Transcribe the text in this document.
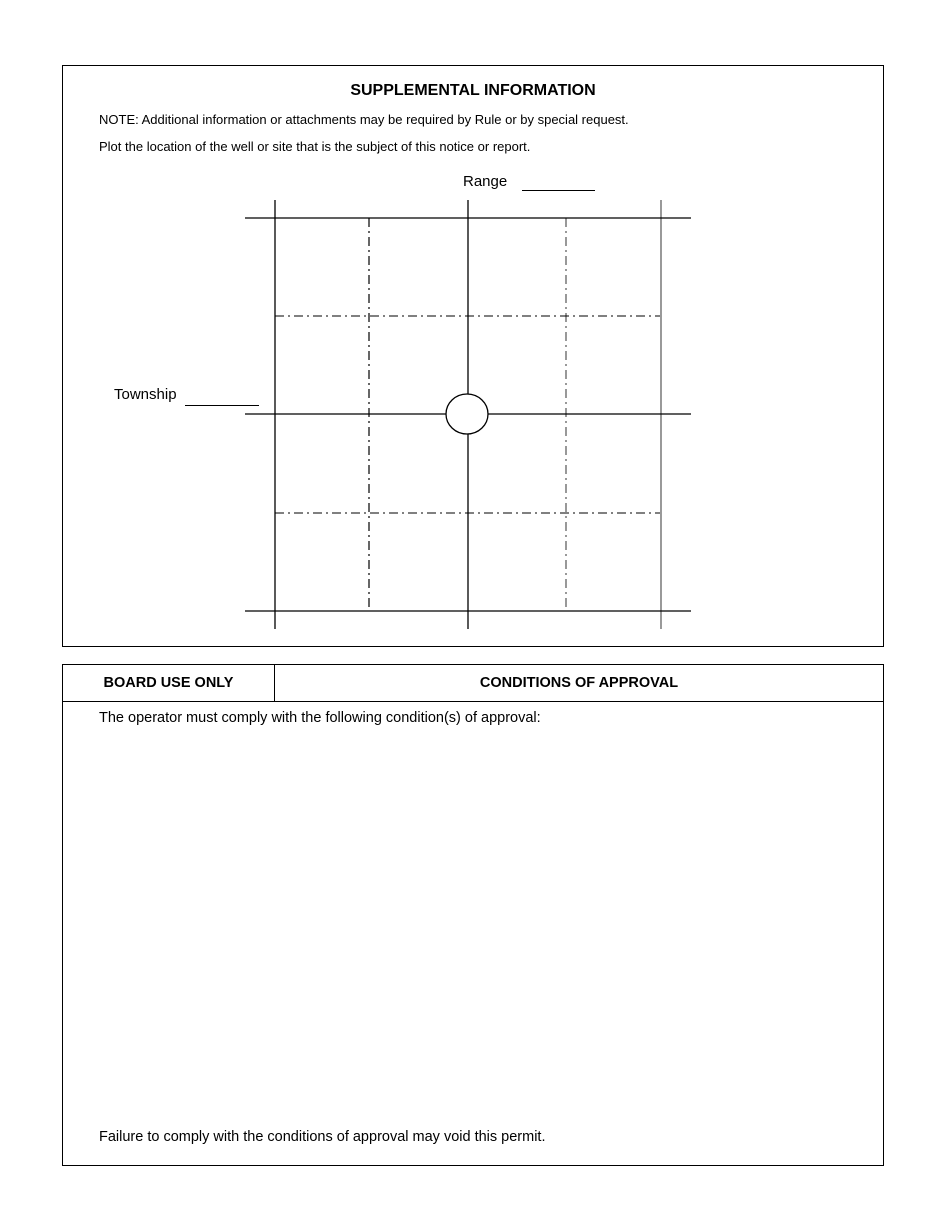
SUPPLEMENTAL INFORMATION
NOTE: Additional information or attachments may be required by Rule or by special request.
Plot the location of the well or site that is the subject of this notice or report.
Range
Township
BOARD USE ONLY	CONDITIONS OF APPROVAL
The operator must comply with the following condition(s) of approval:
Failure to comply with the conditions of approval may void this permit.
